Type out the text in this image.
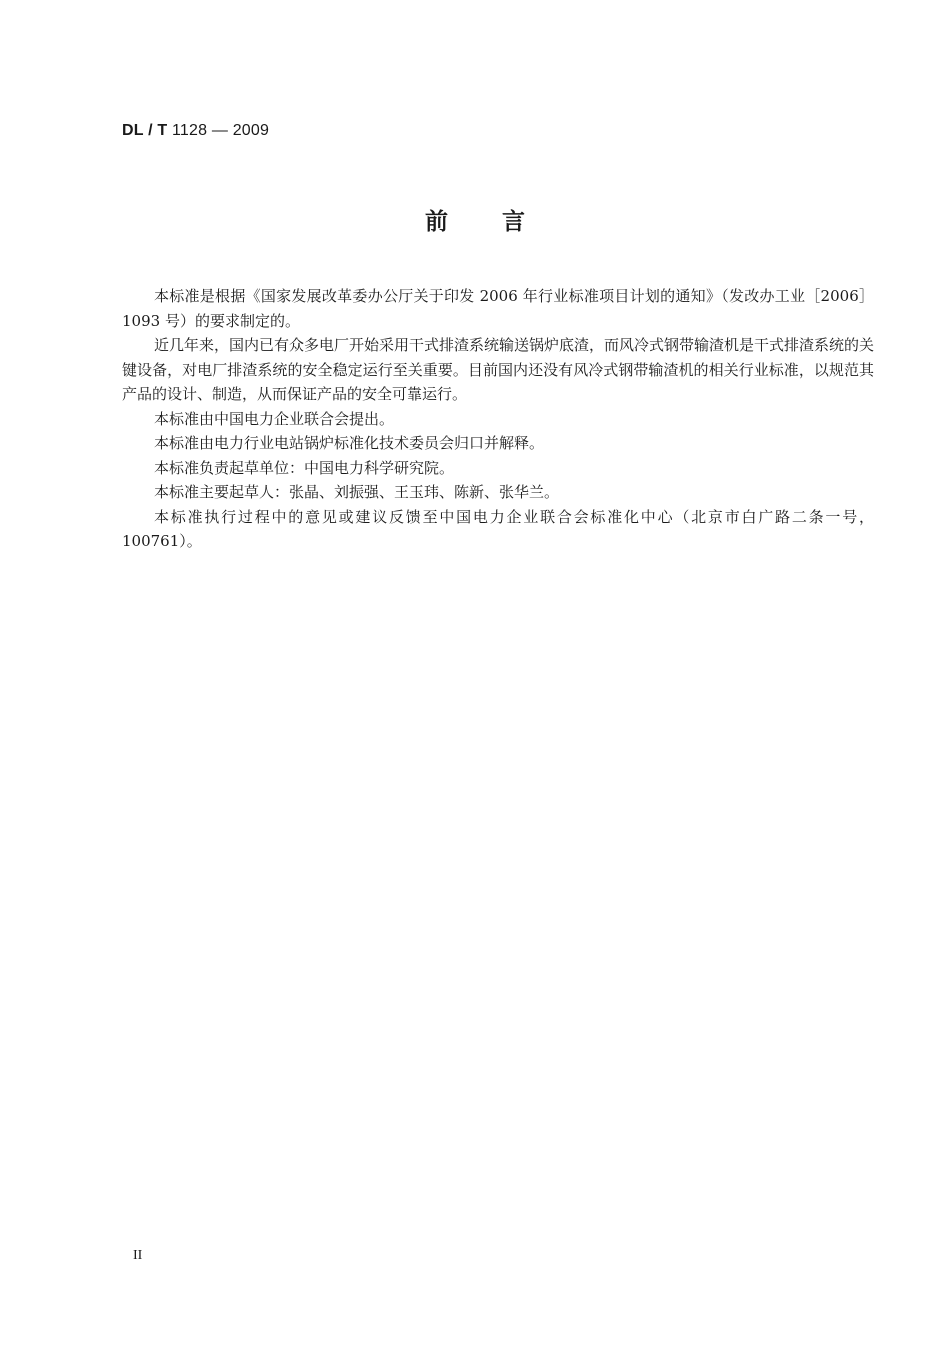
DL / T 1128 — 2009
前言

本标准是根据《国家发展改革委办公厅关于印发 2006 年行业标准项目计划的通知》（发改办工业［2006］1093 号）的要求制定的。

近几年来，国内已有众多电厂开始采用干式排渣系统输送锅炉底渣，而风冷式钢带输渣机是干式排渣系统的关键设备，对电厂排渣系统的安全稳定运行至关重要。目前国内还没有风冷式钢带输渣机的相关行业标准，以规范其产品的设计、制造，从而保证产品的安全可靠运行。

本标准由中国电力企业联合会提出。

本标准由电力行业电站锅炉标准化技术委员会归口并解释。

本标准负责起草单位：中国电力科学研究院。

本标准主要起草人：张晶、刘振强、王玉玮、陈新、张华兰。

本标准执行过程中的意见或建议反馈至中国电力企业联合会标准化中心（北京市白广路二条一号，100761）。

II
